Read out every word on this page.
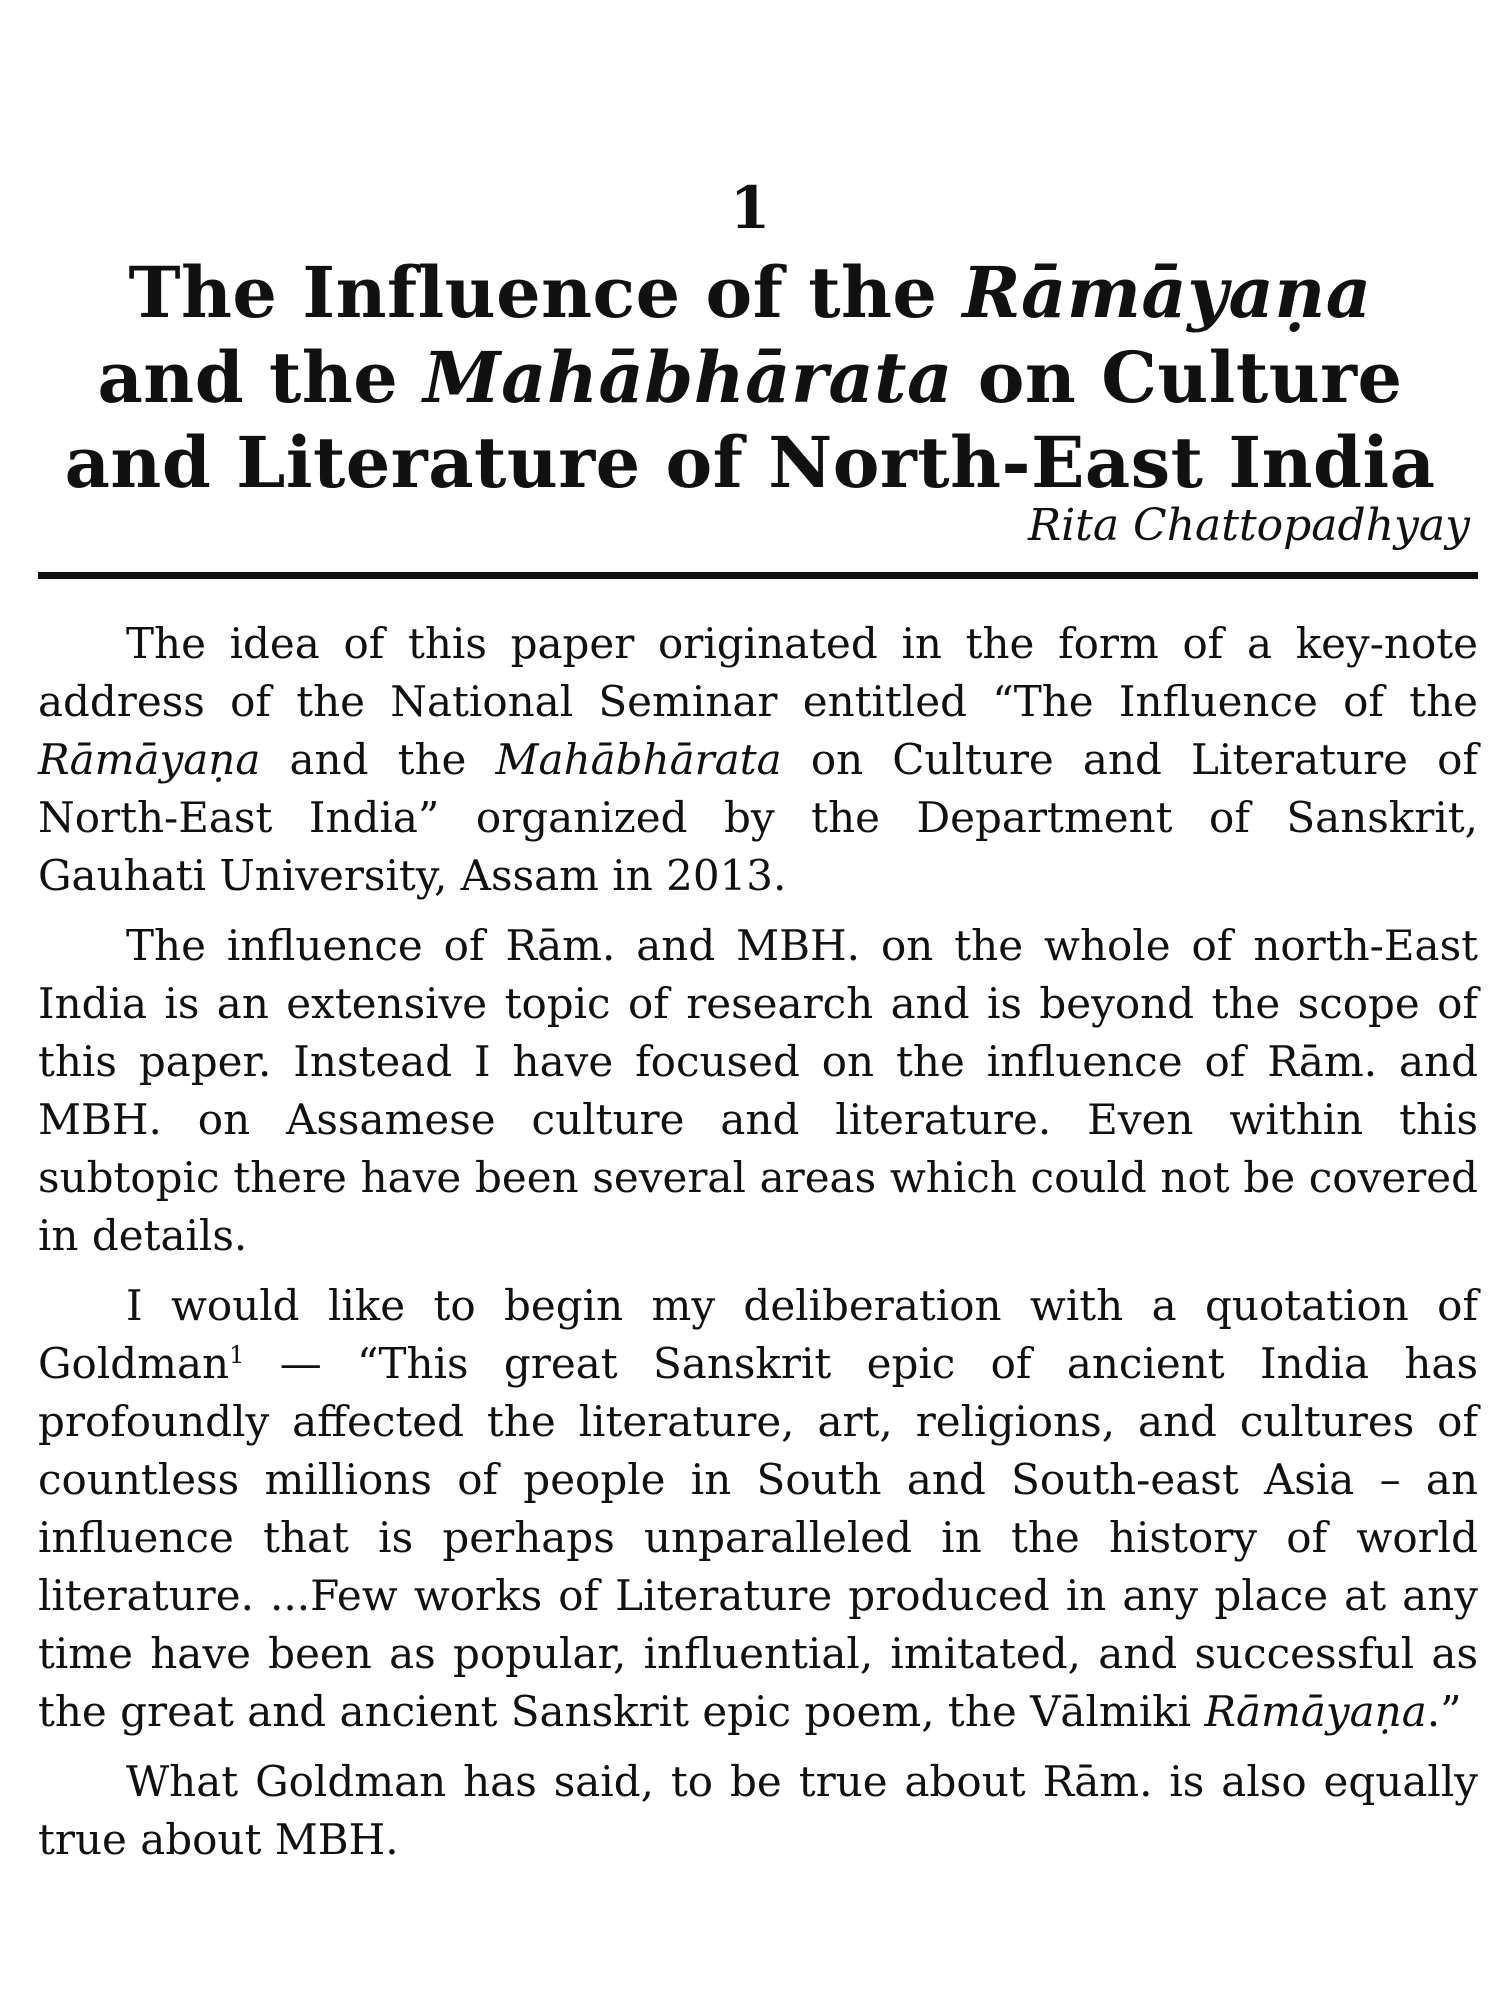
1
The Influence of the Rāmāyaṇa and the Mahābhārata on Culture and Literature of North-East India
Rita Chattopadhyay

The idea of this paper originated in the form of a key-note address of the National Seminar entitled “The Influence of the Rāmāyaṇa and the Mahābhārata on Culture and Literature of North-East India” organized by the Department of Sanskrit, Gauhati University, Assam in 2013.

The influence of Rām. and MBH. on the whole of north-East India is an extensive topic of research and is beyond the scope of this paper. Instead I have focused on the influence of Rām. and MBH. on Assamese culture and literature. Even within this subtopic there have been several areas which could not be covered in details.

I would like to begin my deliberation with a quotation of Goldman$^1$ — “This great Sanskrit epic of ancient India has profoundly affected the literature, art, religions, and cultures of countless millions of people in South and South-east Asia – an influence that is perhaps unparalleled in the history of world literature. ...Few works of Literature produced in any place at any time have been as popular, influential, imitated, and successful as the great and ancient Sanskrit epic poem, the Vālmiki Rāmāyaṇa.”

What Goldman has said, to be true about Rām. is also equally true about MBH.
